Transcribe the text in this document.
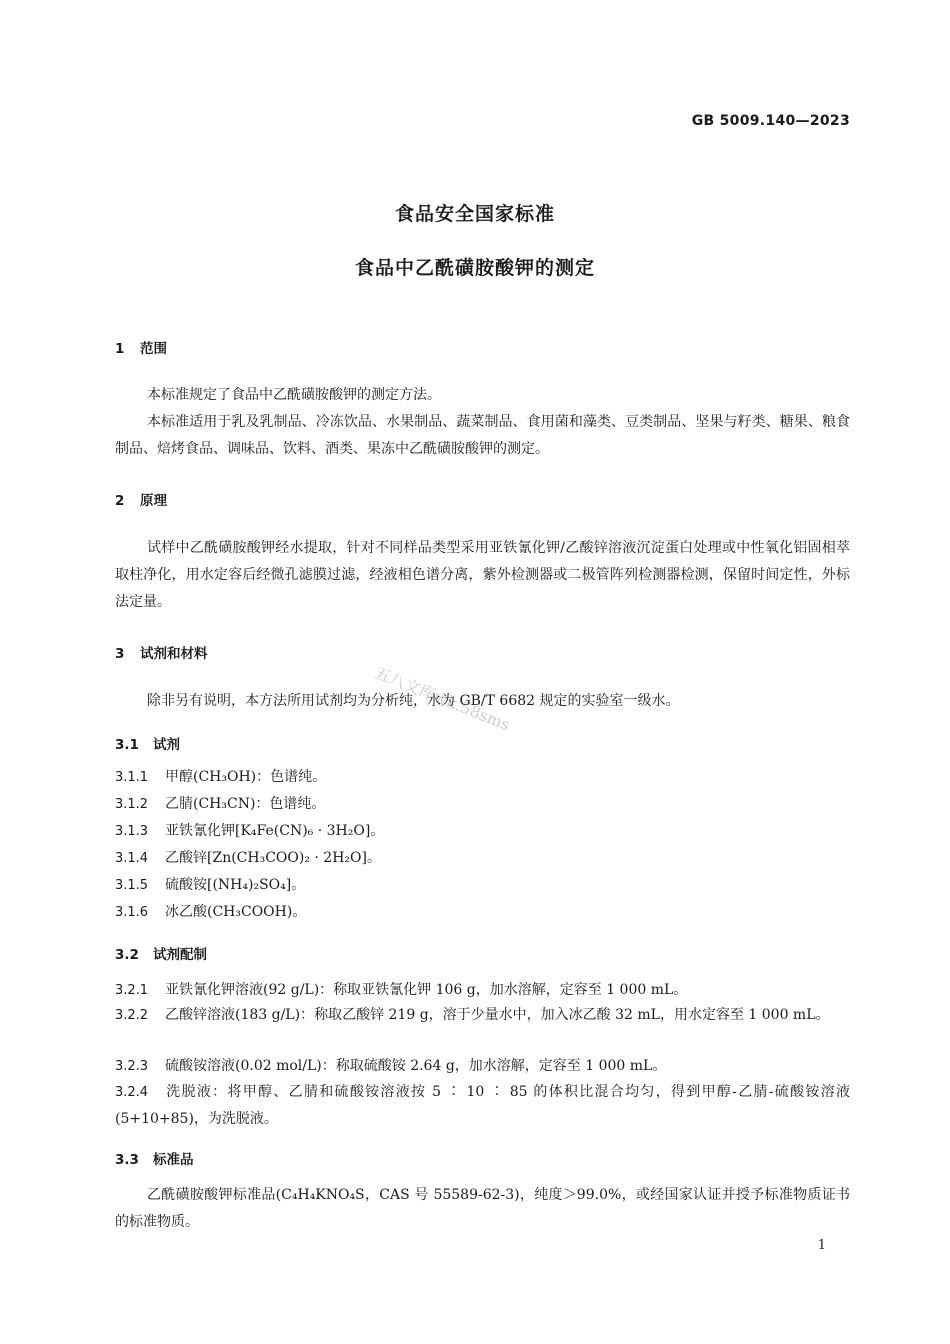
GB 5009.140—2023
食品安全国家标准
食品中乙酰磺胺酸钾的测定
1 范围
本标准规定了食品中乙酰磺胺酸钾的测定方法。
本标准适用于乳及乳制品、冷冻饮品、水果制品、蔬菜制品、食用菌和藻类、豆类制品、坚果与籽类、糖果、粮食制品、焙烤食品、调味品、饮料、酒类、果冻中乙酰磺胺酸钾的测定。
2 原理
试样中乙酰磺胺酸钾经水提取，针对不同样品类型采用亚铁氰化钾/乙酸锌溶液沉淀蛋白处理或中性氧化铝固相萃取柱净化，用水定容后经微孔滤膜过滤，经液相色谱分离，紫外检测器或二极管阵列检测器检测，保留时间定性，外标法定量。
3 试剂和材料
除非另有说明，本方法所用试剂均为分析纯，水为 GB/T 6682 规定的实验室一级水。
3.1 试剂
3.1.1 甲醇(CH₃OH)：色谱纯。
3.1.2 乙腈(CH₃CN)：色谱纯。
3.1.3 亚铁氰化钾[K₄Fe(CN)₆ · 3H₂O]。
3.1.4 乙酸锌[Zn(CH₃COO)₂ · 2H₂O]。
3.1.5 硫酸铵[(NH₄)₂SO₄]。
3.1.6 冰乙酸(CH₃COOH)。
3.2 试剂配制
3.2.1 亚铁氰化钾溶液(92 g/L)：称取亚铁氰化钾 106 g，加水溶解，定容至 1 000 mL。
3.2.2 乙酸锌溶液(183 g/L)：称取乙酸锌 219 g，溶于少量水中，加入冰乙酸 32 mL，用水定容至 1 000 mL。
3.2.3 硫酸铵溶液(0.02 mol/L)：称取硫酸铵 2.64 g，加水溶解，定容至 1 000 mL。
3.2.4 洗脱液：将甲醇、乙腈和硫酸铵溶液按 5 ∶ 10 ∶ 85 的体积比混合均匀，得到甲醇-乙腈-硫酸铵溶液(5+10+85)，为洗脱液。
3.3 标准品
乙酰磺胺酸钾标准品(C₄H₄KNO₄S，CAS 号 55589-62-3)，纯度＞99.0%，或经国家认证并授予标准物质证书的标准物质。
五八文库wk.58sms
1
